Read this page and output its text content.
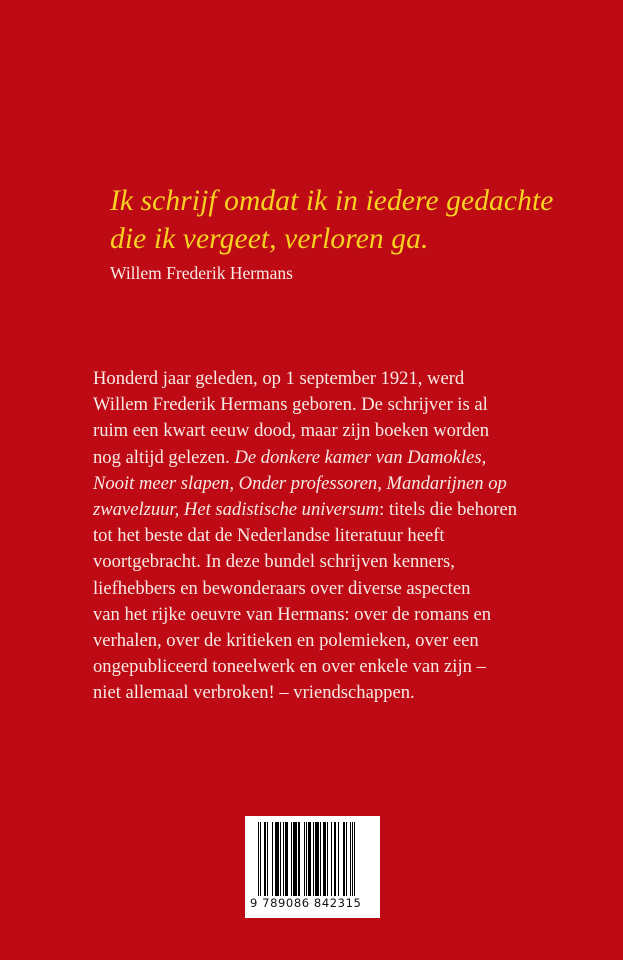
Ik schrijf omdat ik in iedere gedachte
die ik vergeet, verloren ga.
Willem Frederik Hermans
Honderd jaar geleden, op 1 september 1921, werd
Willem Frederik Hermans geboren. De schrijver is al
ruim een kwart eeuw dood, maar zijn boeken worden
nog altijd gelezen. De donkere kamer van Damokles,
Nooit meer slapen, Onder professoren, Mandarijnen op
zwavelzuur, Het sadistische universum: titels die behoren
tot het beste dat de Nederlandse literatuur heeft
voortgebracht. In deze bundel schrijven kenners,
liefhebbers en bewonderaars over diverse aspecten
van het rijke oeuvre van Hermans: over de romans en
verhalen, over de kritieken en polemieken, over een
ongepubliceerd toneelwerk en over enkele van zijn –
niet allemaal verbroken! – vriendschappen.
9 789086 842315
